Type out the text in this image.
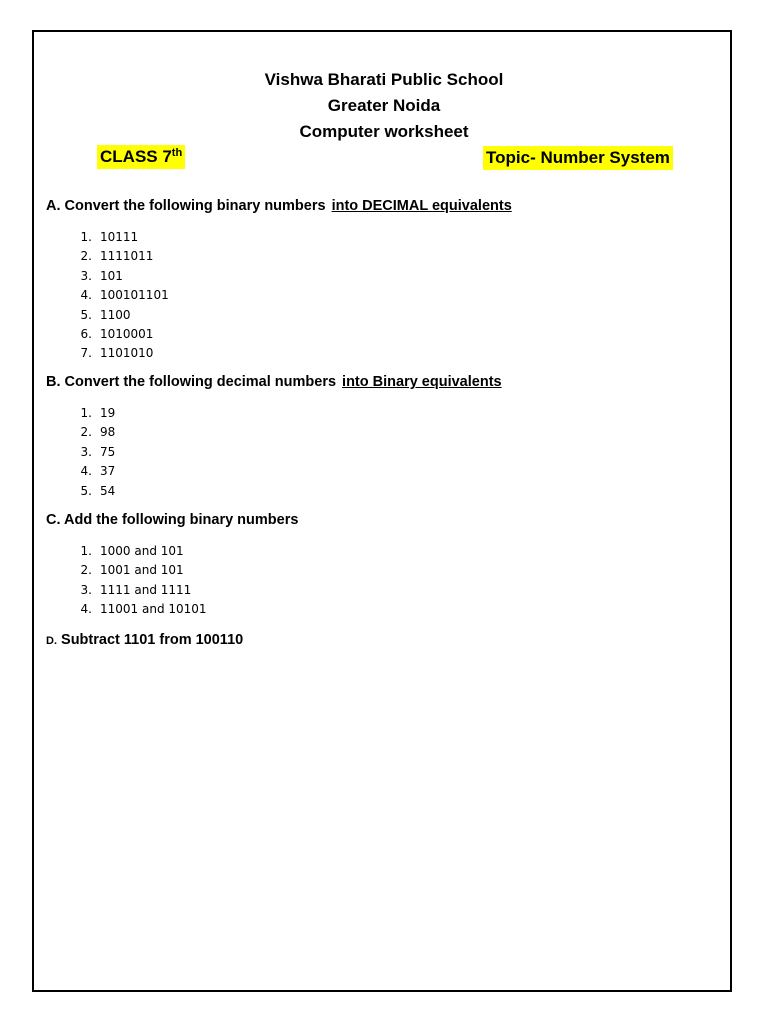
Vishwa Bharati Public School
Greater Noida
Computer worksheet
CLASS 7th	Topic- Number System
A. Convert the following binary numbers into DECIMAL equivalents
1. 10111
2. 1111011
3. 101
4. 100101101
5. 1100
6. 1010001
7. 1101010
B. Convert the following decimal numbers into Binary equivalents
1. 19
2. 98
3. 75
4. 37
5. 54
C. Add the following binary numbers
1. 1000 and 101
2. 1001 and 101
3. 1111 and 1111
4. 11001 and 10101
D. Subtract 1101 from 100110
